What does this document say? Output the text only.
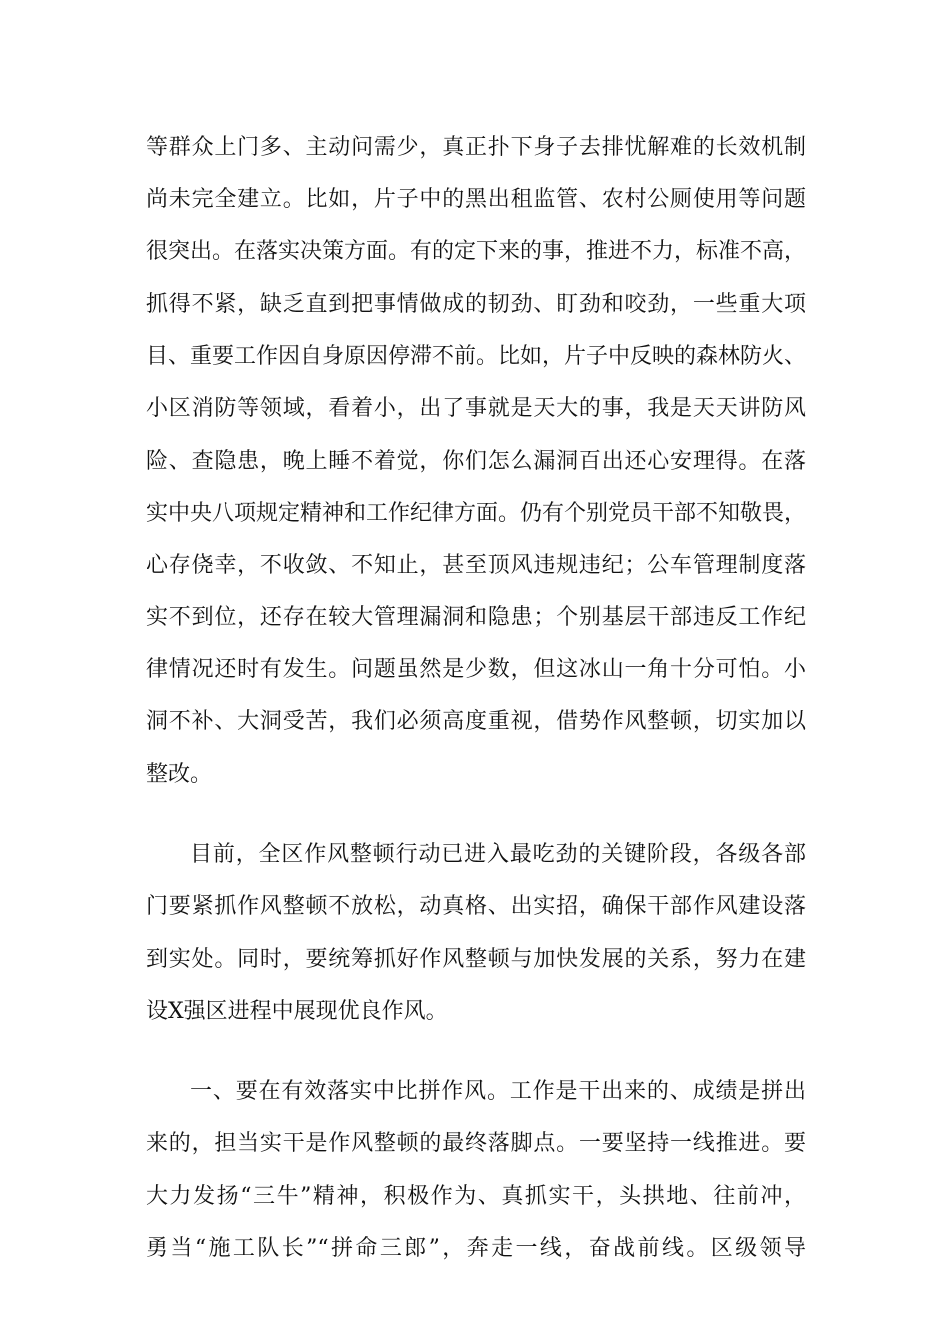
等群众上门多、主动问需少，真正扑下身子去排忧解难的长效机制
尚未完全建立。比如，片子中的黑出租监管、农村公厕使用等问题
很突出。在落实决策方面。有的定下来的事，推进不力，标准不高，
抓得不紧，缺乏直到把事情做成的韧劲、盯劲和咬劲，一些重大项
目、重要工作因自身原因停滞不前。比如，片子中反映的森林防火、
小区消防等领域，看着小，出了事就是天大的事，我是天天讲防风
险、查隐患，晚上睡不着觉，你们怎么漏洞百出还心安理得。在落
实中央八项规定精神和工作纪律方面。仍有个别党员干部不知敬畏，
心存侥幸，不收敛、不知止，甚至顶风违规违纪；公车管理制度落
实不到位，还存在较大管理漏洞和隐患；个别基层干部违反工作纪
律情况还时有发生。问题虽然是少数，但这冰山一角十分可怕。小
洞不补、大洞受苦，我们必须高度重视，借势作风整顿，切实加以
整改。
目前，全区作风整顿行动已进入最吃劲的关键阶段，各级各部
门要紧抓作风整顿不放松，动真格、出实招，确保干部作风建设落
到实处。同时，要统筹抓好作风整顿与加快发展的关系，努力在建
设X强区进程中展现优良作风。
一、要在有效落实中比拼作风。工作是干出来的、成绩是拼出
来的，担当实干是作风整顿的最终落脚点。一要坚持一线推进。要
大力发扬“三牛”精神，积极作为、真抓实干，头拱地、往前冲，
勇当“施工队长”“拼命三郎”，奔走一线，奋战前线。区级领导
